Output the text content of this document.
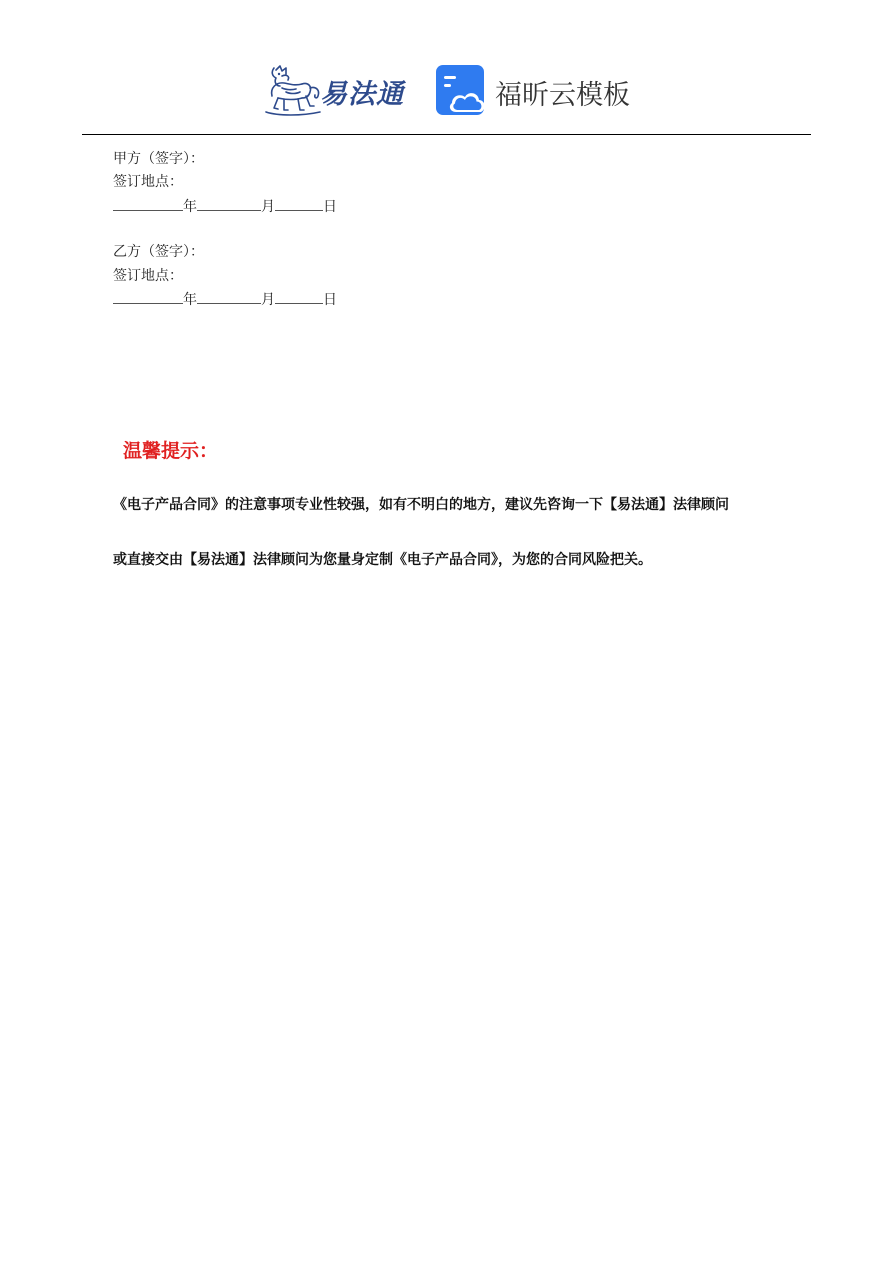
易法通	福昕云模板
甲方（签字）：
签订地点：
年	月	日
乙方（签字）：
签订地点：
年	月	日
温馨提示：
《电子产品合同》的注意事项专业性较强，如有不明白的地方，建议先咨询一下【易法通】法律顾问
或直接交由【易法通】法律顾问为您量身定制《电子产品合同》，为您的合同风险把关。
